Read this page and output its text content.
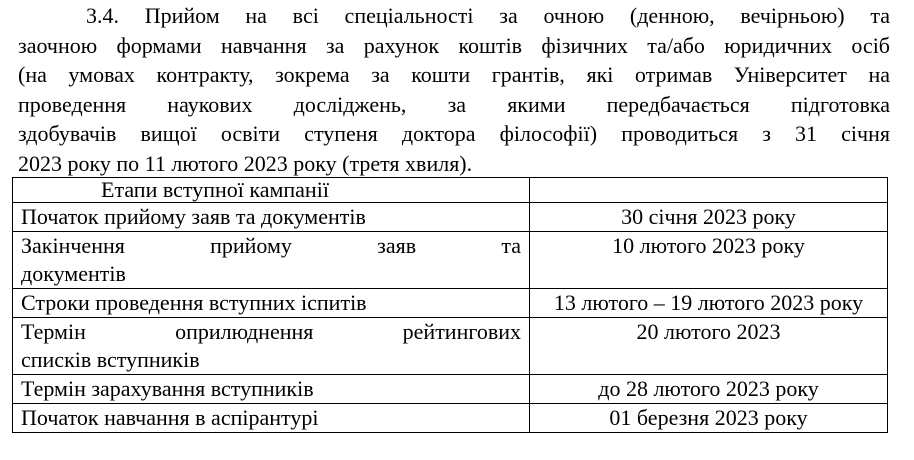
3.4. Прийом на всі спеціальності за очною (денною, вечірньою) та
заочною формами навчання за рахунок коштів фізичних та/або юридичних осіб
(на умовах контракту, зокрема за кошти грантів, які отримав Університет на
проведення наукових досліджень, за якими передбачається підготовка
здобувачів вищої освіти ступеня доктора філософії) проводиться з 31 січня
2023 року по 11 лютого 2023 року (третя хвиля).

Етапи вступної кампанії	
Початок прийому заяв та документів	30 січня 2023 року

Закінчення прийому заяв та
документів	10 лютого 2023 року
Строки проведення вступних іспитів	13 лютого – 19 лютого 2023 року

Термін оприлюднення рейтингових
списків вступників	20 лютого 2023
Термін зарахування вступників	до 28 лютого 2023 року
Початок навчання в аспірантурі	01 березня 2023 року
